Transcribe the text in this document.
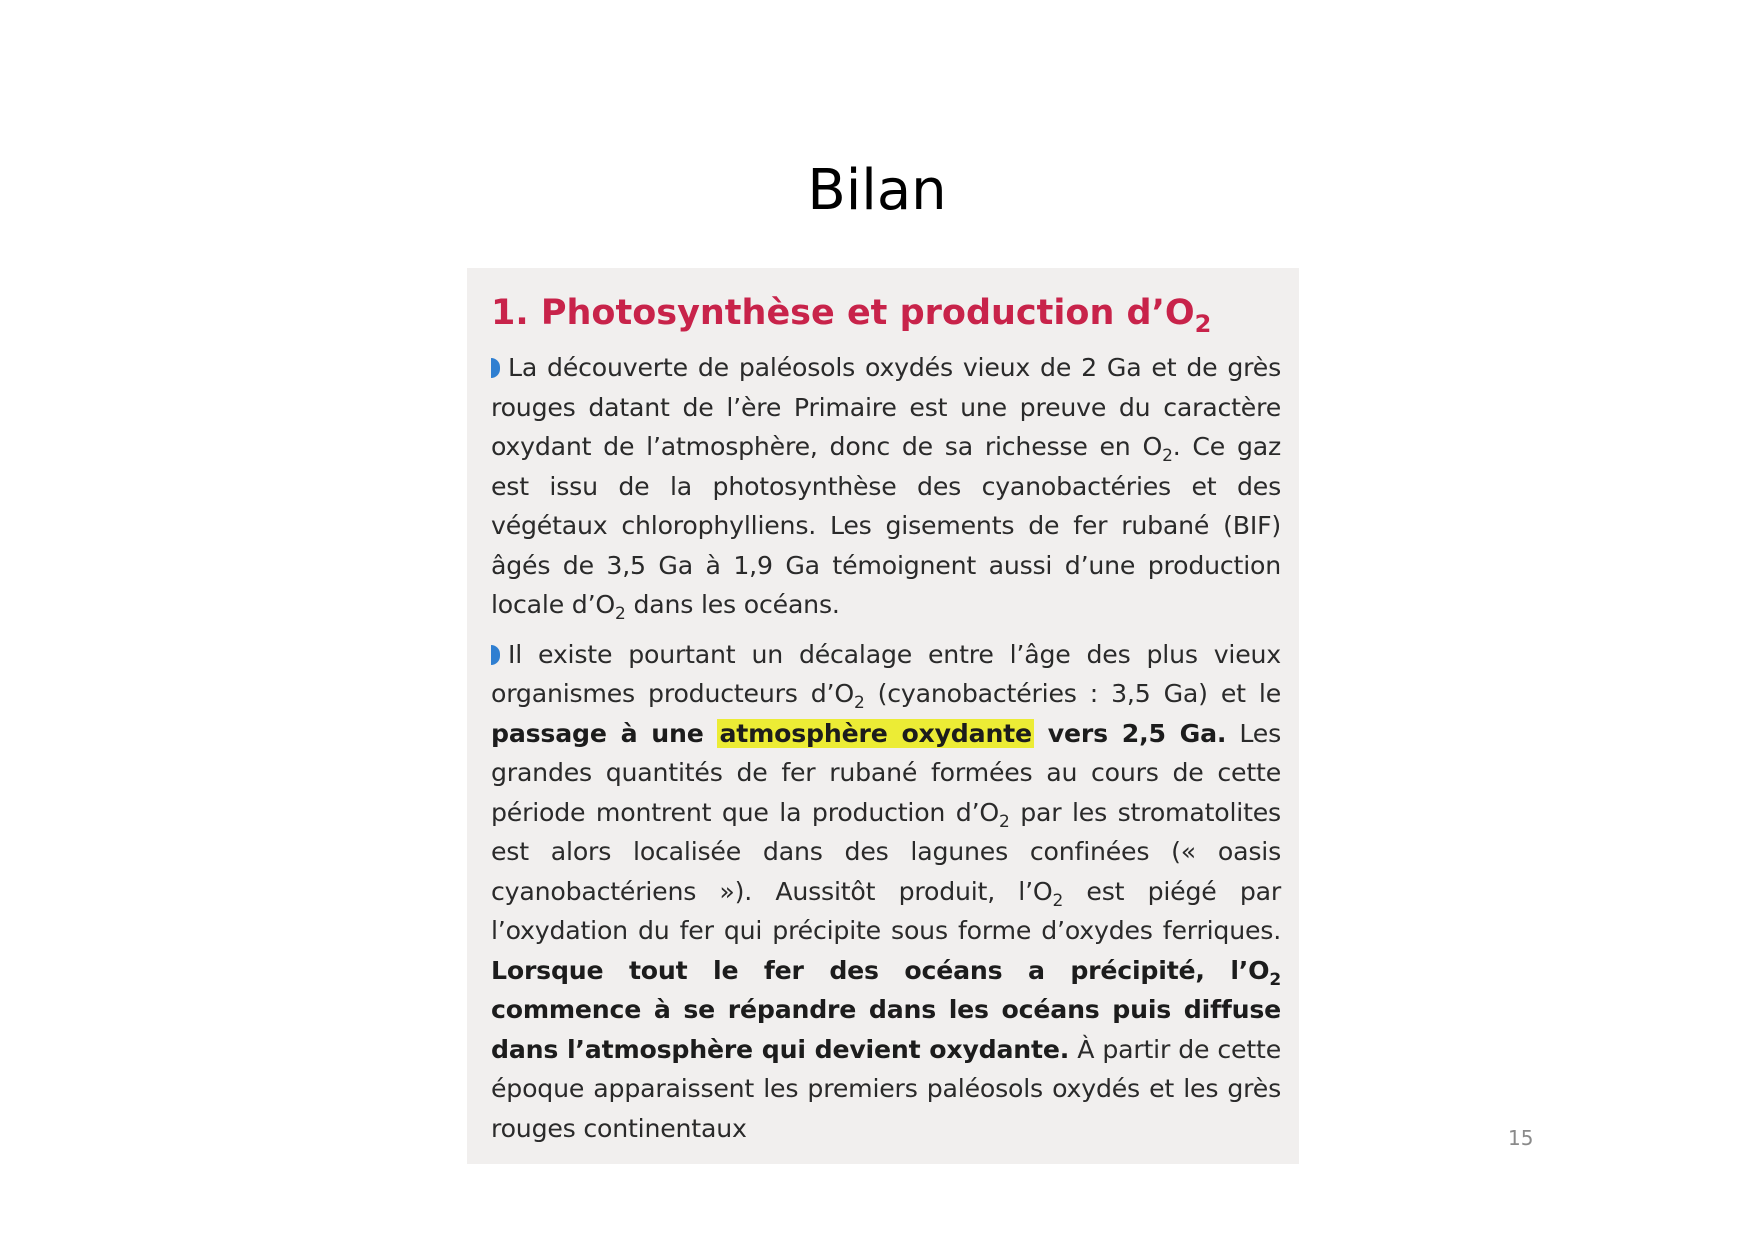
Bilan
1. Photosynthèse et production $d’O_2$

La découverte de paléosols oxydés vieux de 2 Ga et de grès rouges datant de l’ère Primaire est une preuve du caractère oxydant de l’atmosphère, donc de sa richesse en $O_2$. Ce gaz est issu de la photosynthèse des cyanobactéries et des végétaux chlorophylliens. Les gisements de fer rubané (BIF) âgés de 3,5 Ga à 1,9 Ga témoignent aussi d’une production locale $d’O_2$ dans les océans.

Il existe pourtant un décalage entre l’âge des plus vieux organismes producteurs $d’O_2$ (cyanobactéries : 3,5 Ga) et le passage à une atmosphère oxydante vers 2,5 Ga. Les grandes quantités de fer rubané formées au cours de cette période montrent que la production $d’O_2$ par les stromatolites est alors localisée dans des lagunes confinées (« oasis cyanobactériens »). Aussitôt produit, $l’O_2$ est piégé par l’oxydation du fer qui précipite sous forme d’oxydes ferriques. Lorsque tout le fer des océans a précipité, $l’O_2$ commence à se répandre dans les océans puis diffuse dans l’atmosphère qui devient oxydante. À partir de cette époque apparaissent les premiers paléosols oxydés et les grès rouges continentaux	15
